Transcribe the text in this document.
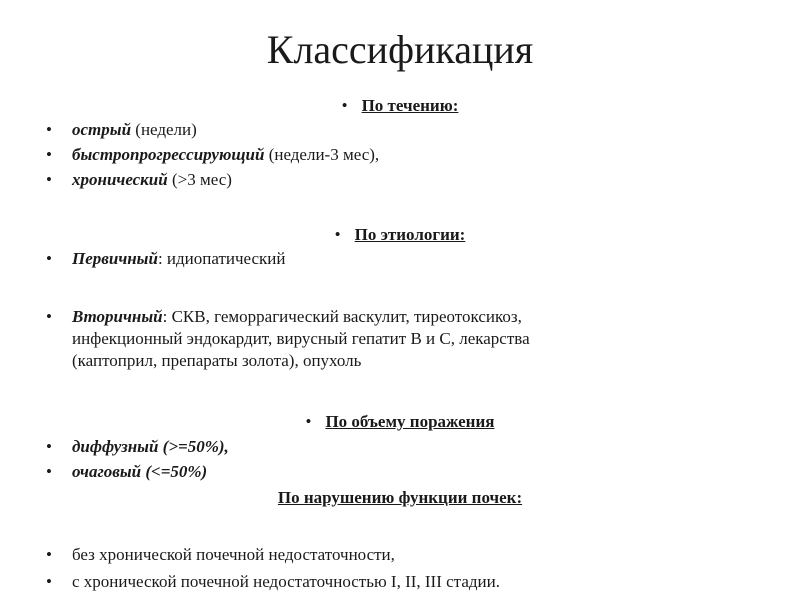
Классификация
• По течению:
•	острый (недели)
•	быстропрогрессирующий (недели-3 мес),
•	хронический (>3 мес)
• По этиологии:
•	Первичный: идиопатический
•	Вторичный: СКВ, геморрагический васкулит, тиреотоксикоз,
инфекционный эндокардит, вирусный гепатит В и С, лекарства
(каптоприл, препараты золота), опухоль
• По объему поражения
•	диффузный (>=50%),
•	очаговый (<=50%)
По нарушению функции почек:
•	без хронической почечной недостаточности,
•	с хронической почечной недостаточностью I, II, III стадии.
